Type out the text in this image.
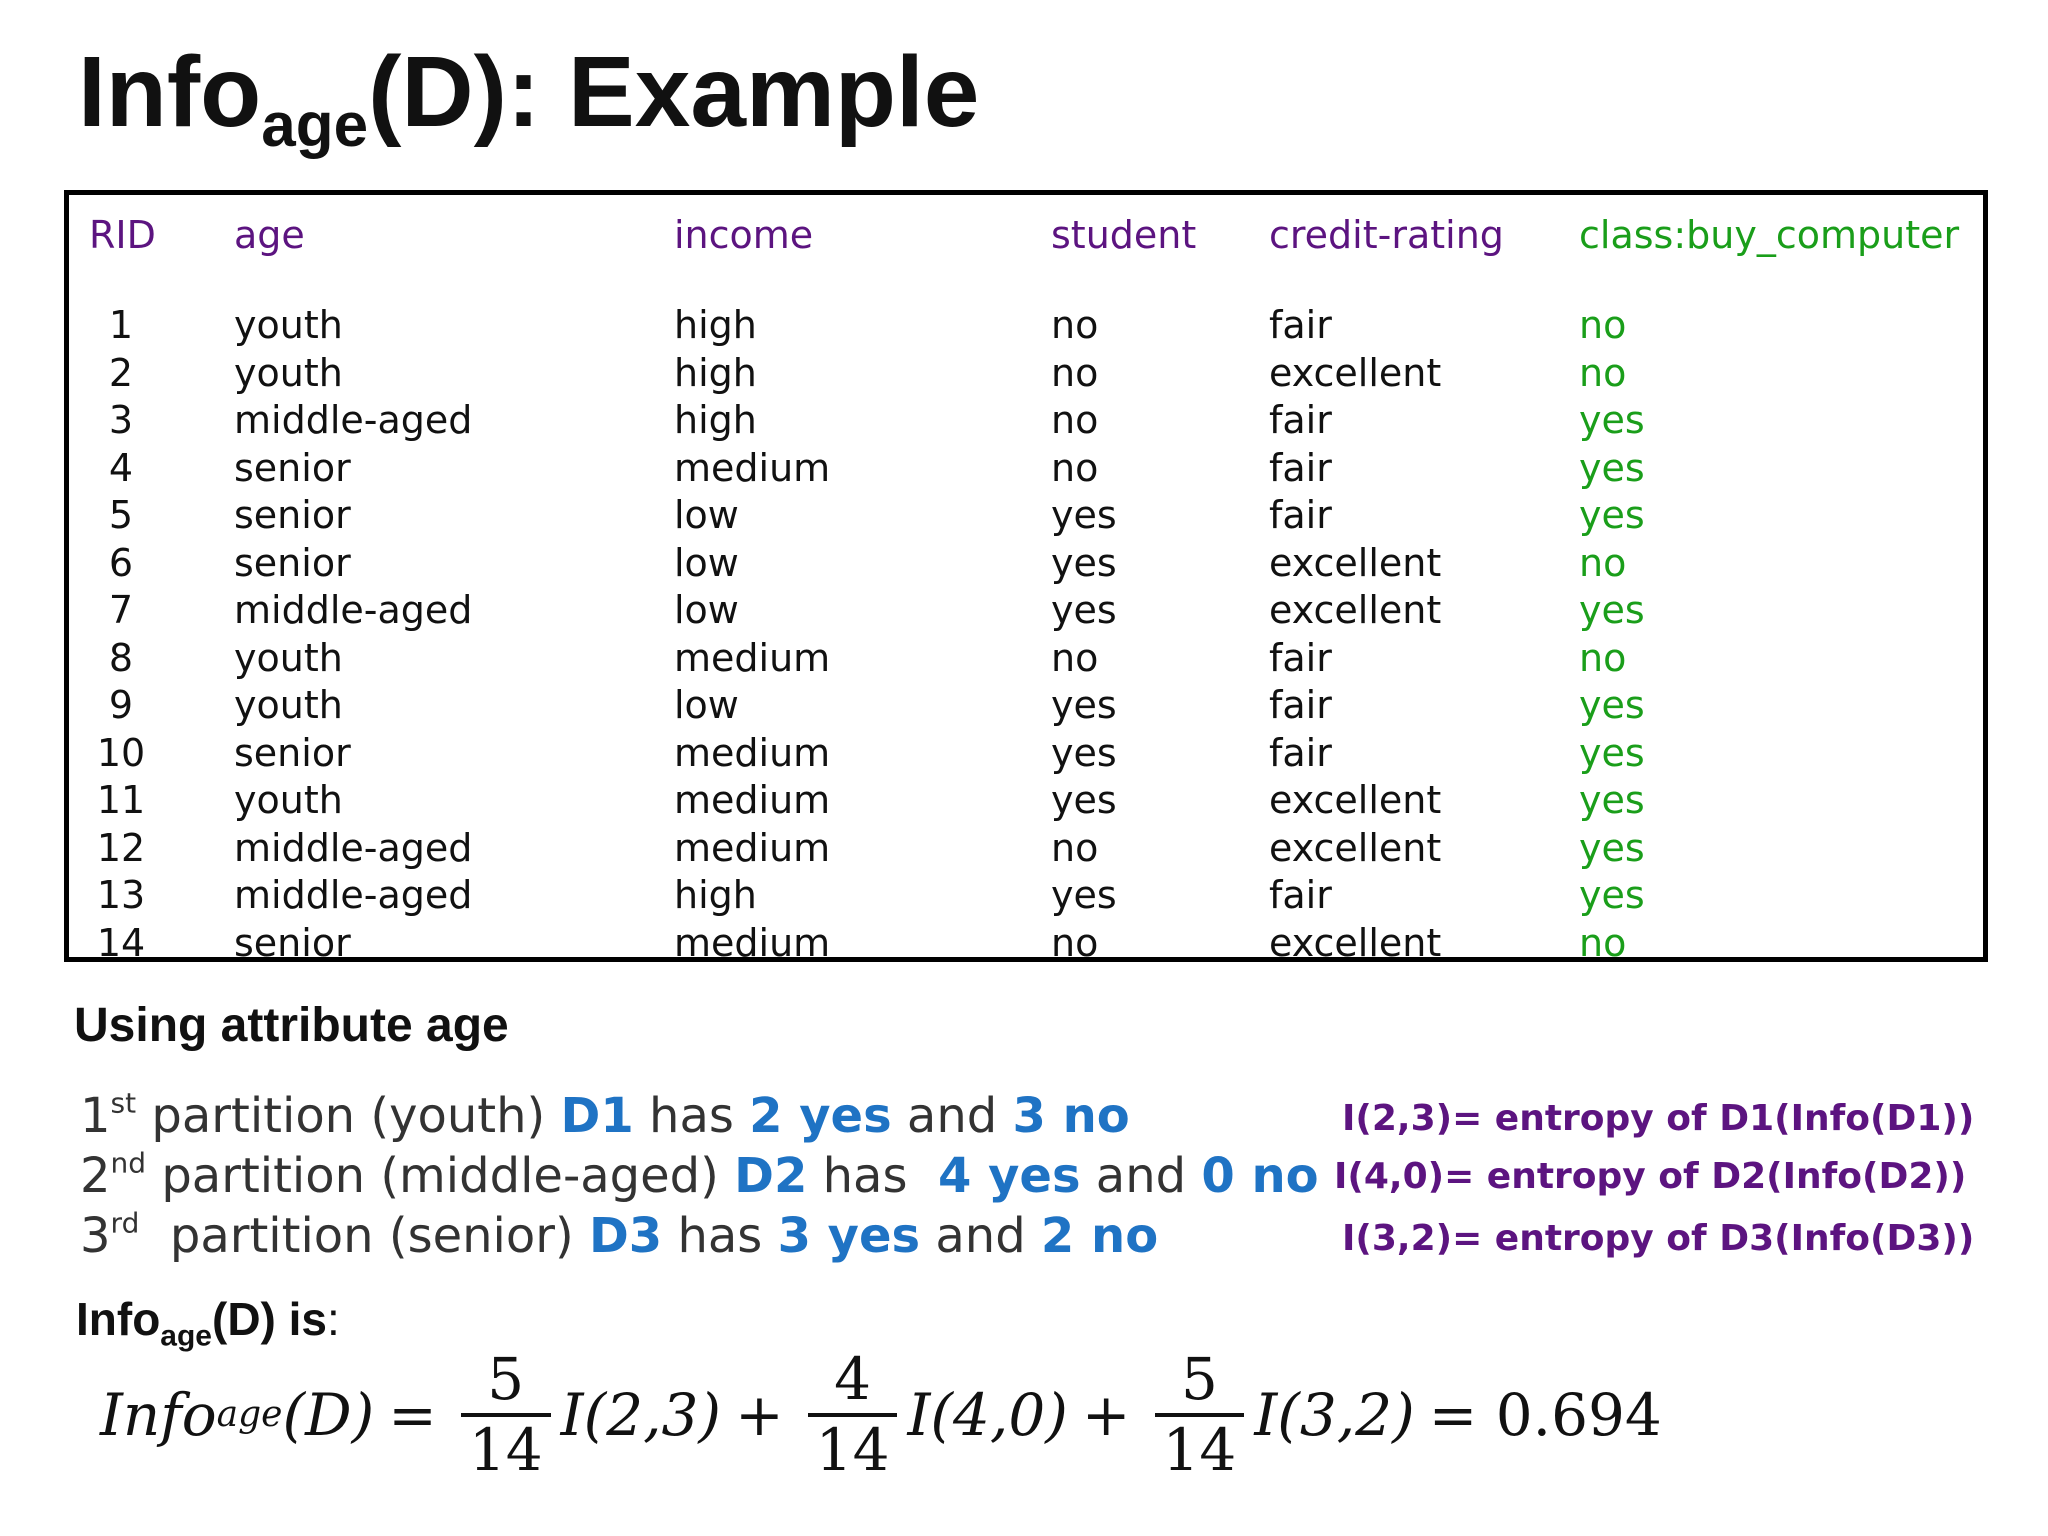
Info$_{age}$(D): Example
RID age	income	student credit-rating class:buy_computer
1	youth	high	no	fair	no
2	youth	high	no	excellent	no
3	middle-aged	high	no	fair	yes
4	senior	medium	no	fair	yes
5	senior	low	yes	fair	yes
6	senior	low	yes	excellent	no
7	middle-aged	low	yes	excellent	yes
8	youth	medium	no	fair	no
9	youth	low	yes	fair	yes
10	senior	medium	yes	fair	yes
11	youth	medium	yes	excellent	yes
12	middle-aged	medium	no	excellent	yes
13	middle-aged	high	yes	fair	yes
14	senior	medium	no	excellent	no
Using attribute age
1st partition (youth) D1 has 2 yes and 3 no
2nd partition (middle-aged) D2 has  4 yes and 0 no
3rd  partition (senior) D3 has 3 yes and 2 no
I(2,3)= entropy of D1(Info(D1))
I(4,0)= entropy of D2(Info(D2))
I(3,2)= entropy of D3(Info(D3))
Info$_{age}$(D) is:
Info age $(D) = \frac{5}{14} I(2,3) + \frac{4}{14} I(4,0) + \frac{5}{14} I(3,2) = 0.694$
